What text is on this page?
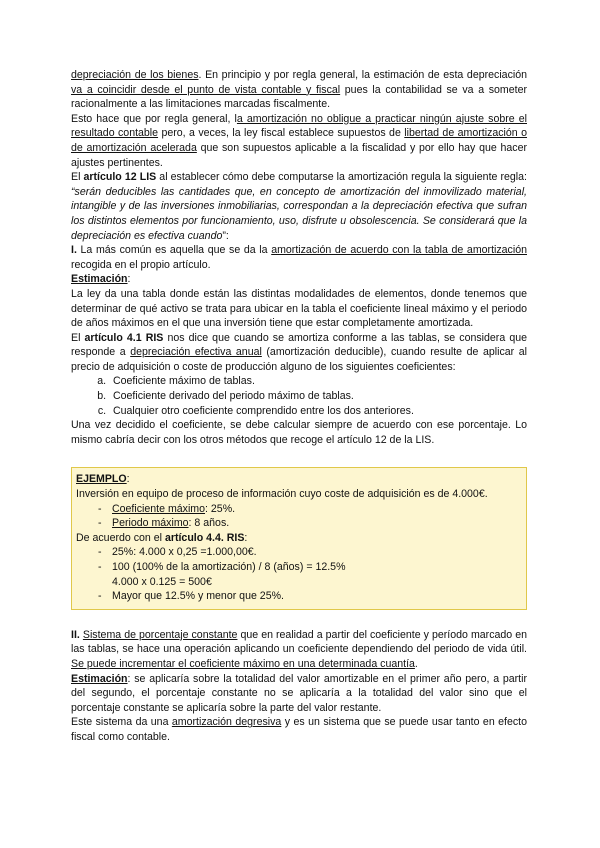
depreciación de los bienes. En principio y por regla general, la estimación de esta depreciación va a coincidir desde el punto de vista contable y fiscal pues la contabilidad se va a someter racionalmente a las limitaciones marcadas fiscalmente.

Esto hace que por regla general, la amortización no obligue a practicar ningún ajuste sobre el resultado contable pero, a veces, la ley fiscal establece supuestos de libertad de amortización o de amortización acelerada que son supuestos aplicable a la fiscalidad y por ello hay que hacer ajustes pertinentes.

El artículo 12 LIS al establecer cómo debe computarse la amortización regula la siguiente regla: “serán deducibles las cantidades que, en concepto de amortización del inmovilizado material, intangible y de las inversiones inmobiliarias, correspondan a la depreciación efectiva que sufran los distintos elementos por funcionamiento, uso, disfrute u obsolescencia. Se considerará que la depreciación es efectiva cuando”:

I. La más común es aquella que se da la amortización de acuerdo con la tabla de amortización recogida en el propio artículo.

Estimación:

La ley da una tabla donde están las distintas modalidades de elementos, donde tenemos que determinar de qué activo se trata para ubicar en la tabla el coeficiente lineal máximo y el periodo de años máximos en el que una inversión tiene que estar completamente amortizada.

El artículo 4.1 RIS nos dice que cuando se amortiza conforme a las tablas, se considera que responde a depreciación efectiva anual (amortización deducible), cuando resulte de aplicar al precio de adquisición o coste de producción alguno de los siguientes coeficientes:

a. Coeficiente máximo de tablas.
b. Coeficiente derivado del periodo máximo de tablas.
c. Cualquier otro coeficiente comprendido entre los dos anteriores.

Una vez decidido el coeficiente, se debe calcular siempre de acuerdo con ese porcentaje. Lo mismo cabría decir con los otros métodos que recoge el artículo 12 de la LIS.

EJEMPLO:

Inversión en equipo de proceso de información cuyo coste de adquisición es de 4.000€.

- Coeficiente máximo: 25%.
- Periodo máximo: 8 años.

De acuerdo con el artículo 4.4. RIS:

- 25%: 4.000 x 0,25 =1.000,00€.
- 100 (100% de la amortización) / 8 (años) = 12.5%
4.000 x 0.125 = 500€
- Mayor que 12.5% y menor que 25%.

II. Sistema de porcentaje constante que en realidad a partir del coeficiente y período marcado en las tablas, se hace una operación aplicando un coeficiente dependiendo del periodo de vida útil. Se puede incrementar el coeficiente máximo en una determinada cuantía.

Estimación: se aplicaría sobre la totalidad del valor amortizable en el primer año pero, a partir del segundo, el porcentaje constante no se aplicaría a la totalidad del valor sino que el porcentaje constante se aplicaría sobre la parte del valor restante.

Este sistema da una amortización degresiva y es un sistema que se puede usar tanto en efecto fiscal como contable.
